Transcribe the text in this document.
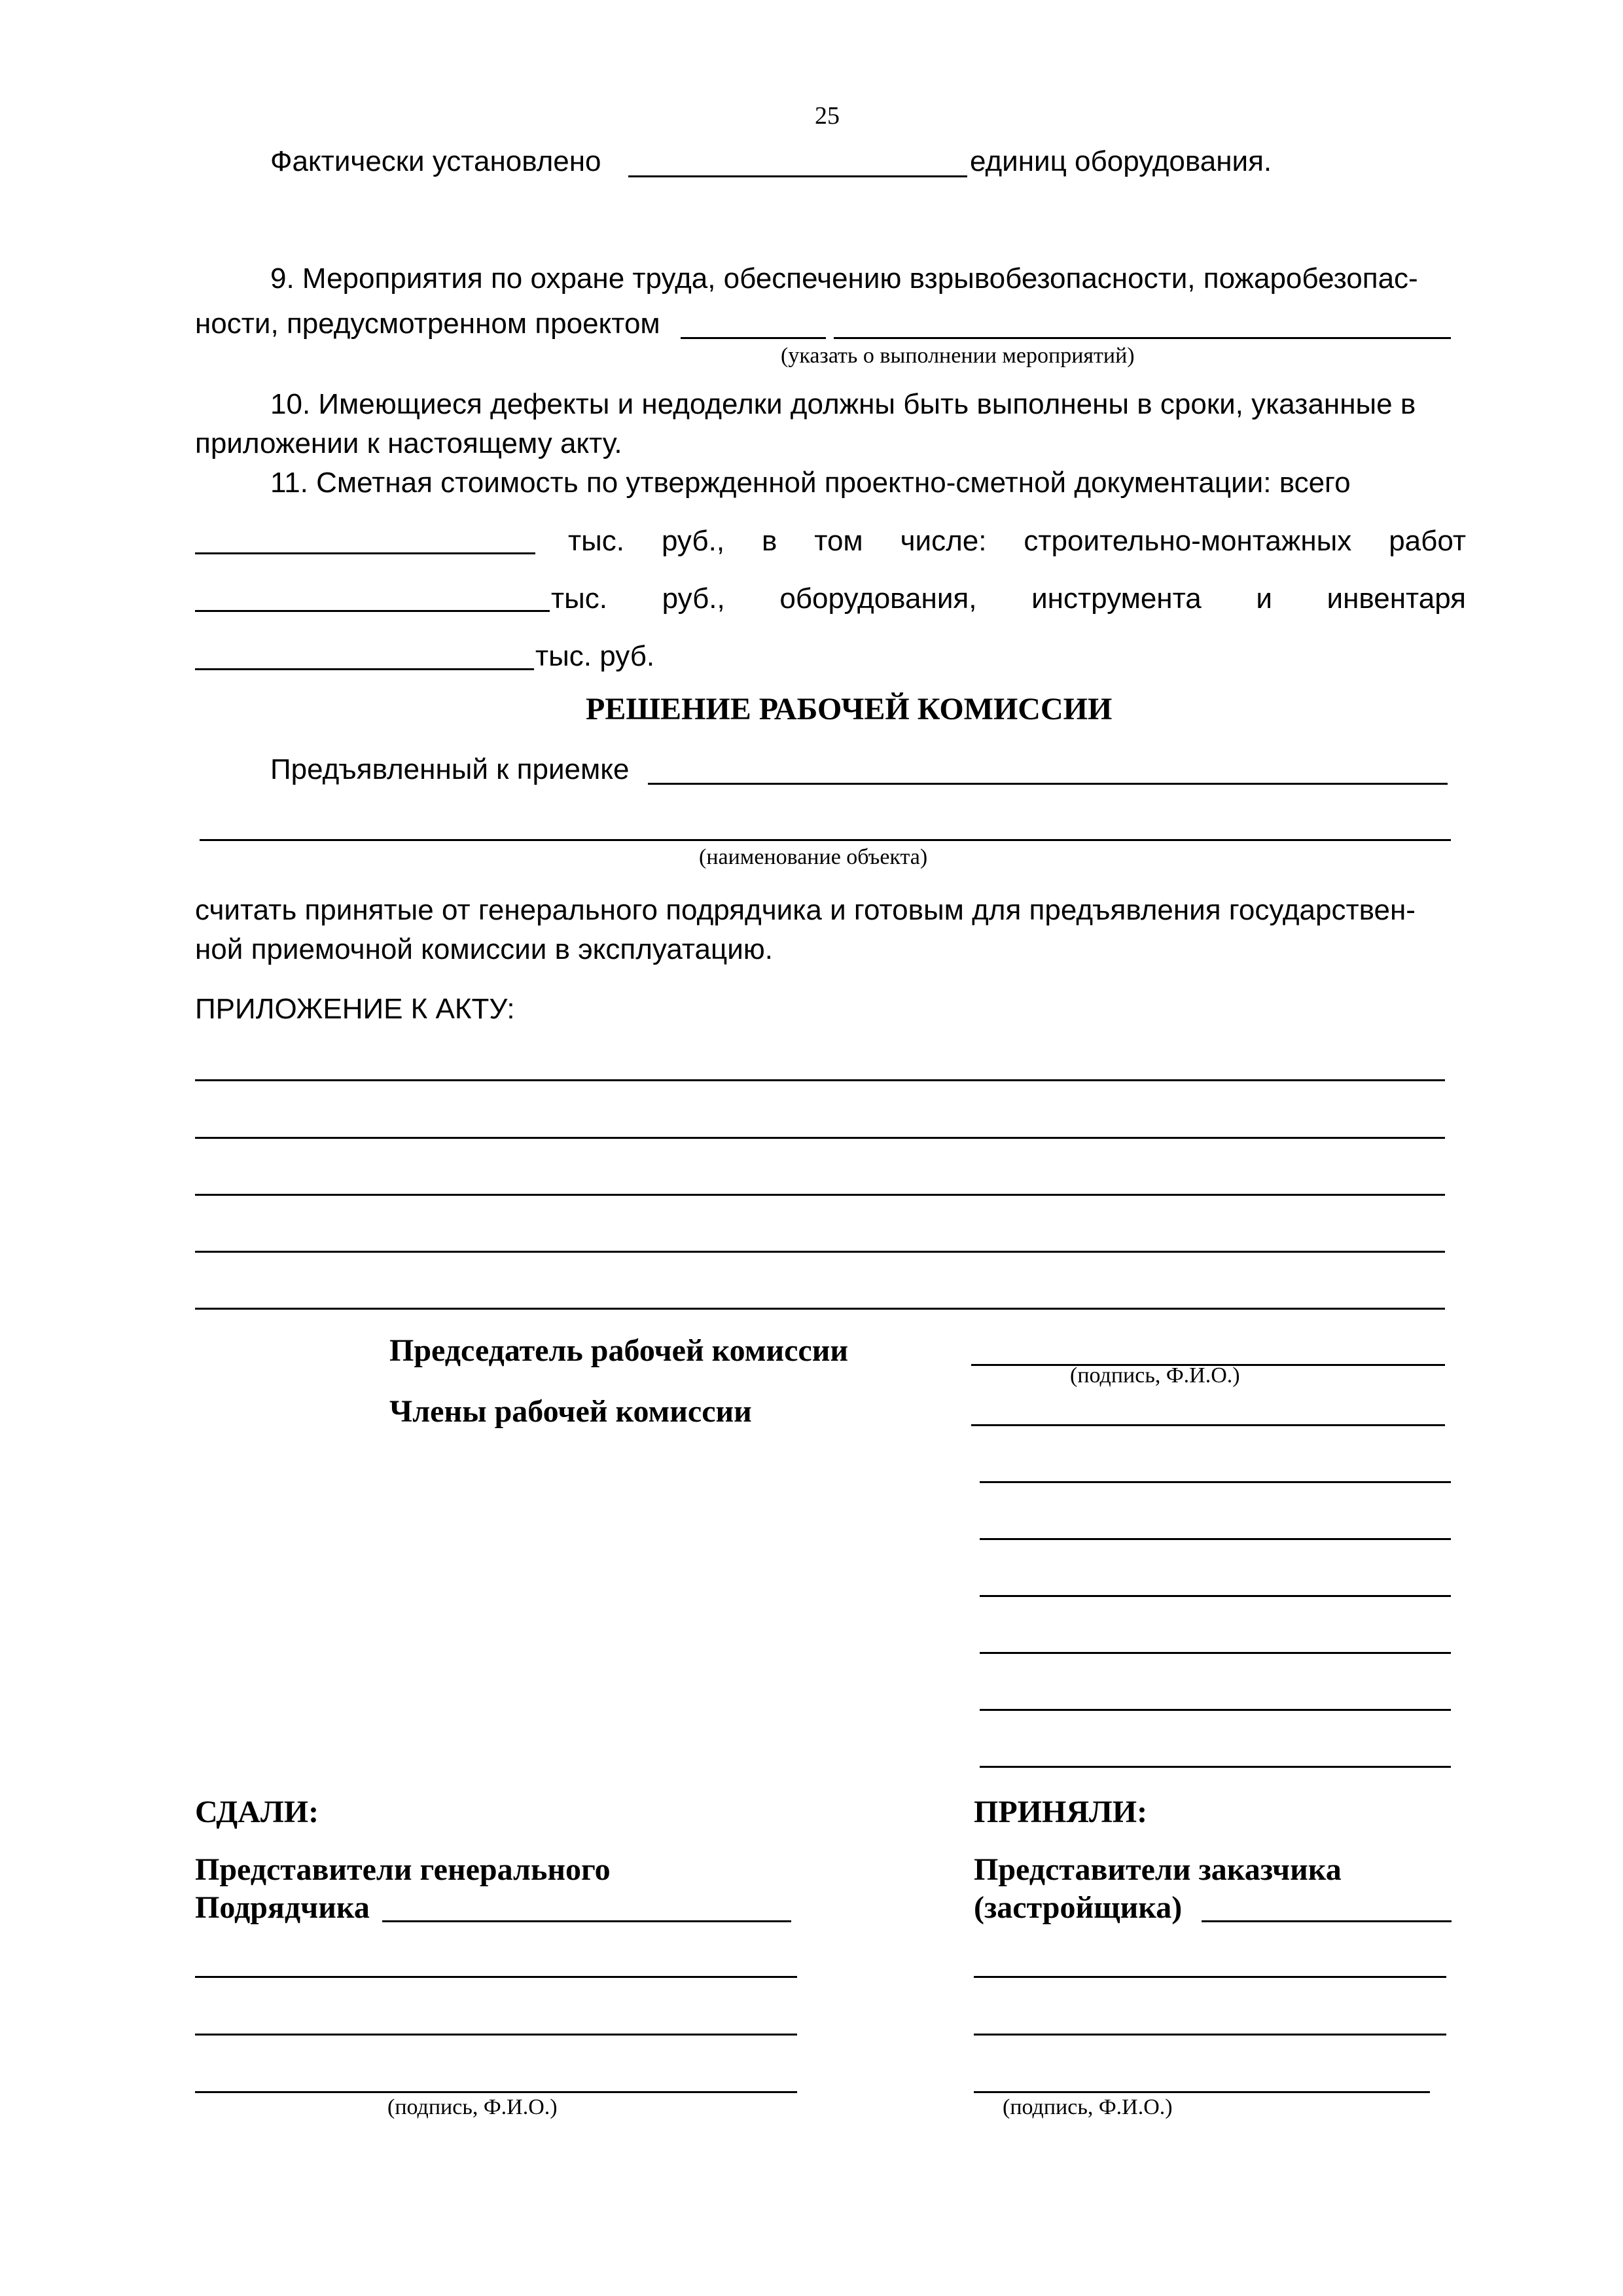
25
Фактически установлено	единиц оборудования.
9. Мероприятия по охране труда, обеспечению взрывобезопасности, пожаробезопас-
ности, предусмотренном проектом
(указать о выполнении мероприятий)
10. Имеющиеся дефекты и недоделки должны быть выполнены в сроки, указанные в
приложении к настоящему акту.
11. Сметная стоимость по утвержденной проектно-сметной документации: всего
тыс. руб., в том числе: строительно-монтажных работ
тыс. руб., оборудования, инструмента и инвентаря
тыс. руб.
РЕШЕНИЕ РАБОЧЕЙ КОМИССИИ
Предъявленный к приемке
(наименование объекта)
считать принятые от генерального подрядчика и готовым для предъявления государствен-
ной приемочной комиссии в эксплуатацию.
ПРИЛОЖЕНИЕ К АКТУ:
Председатель рабочей комиссии
(подпись, Ф.И.О.)
Члены рабочей комиссии
СДАЛИ:
Представители генерального
Подрядчика
(подпись, Ф.И.О.)
ПРИНЯЛИ:
Представители заказчика
(застройщика)
(подпись, Ф.И.О.)
